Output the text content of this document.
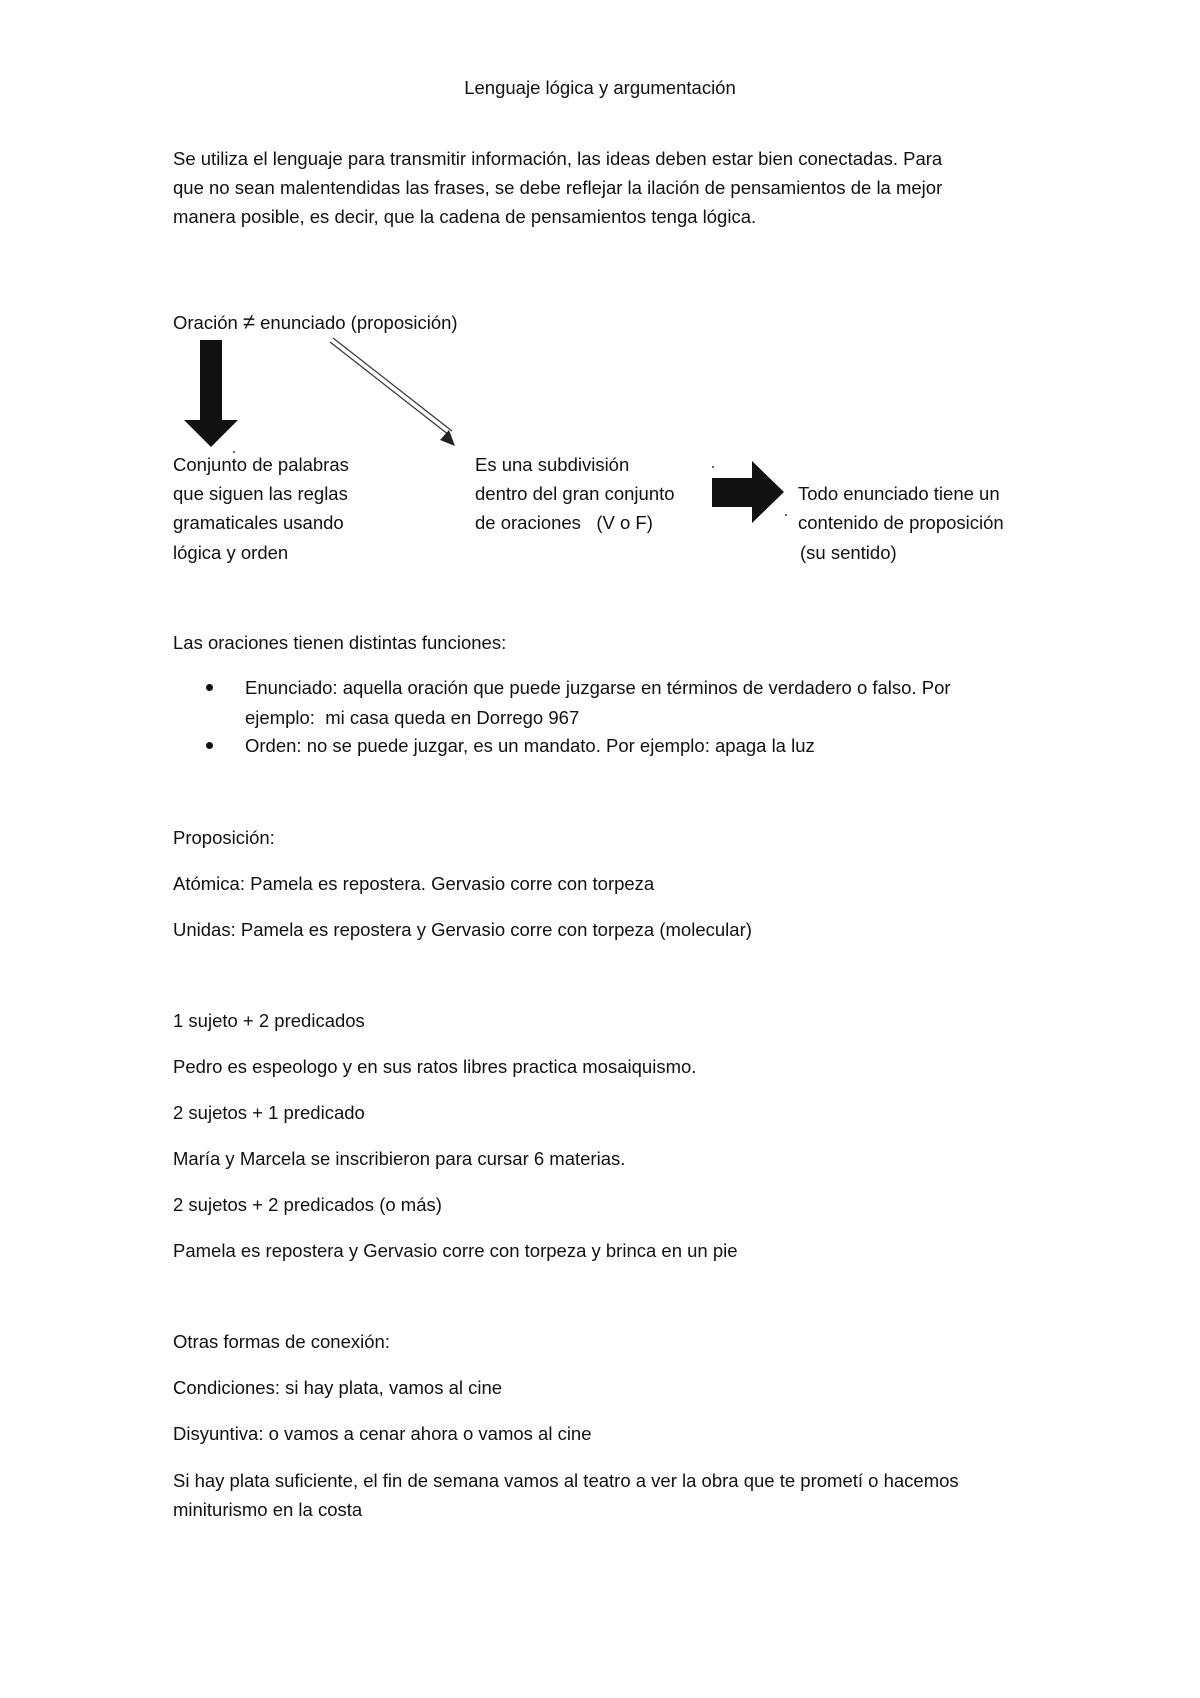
Lenguaje lógica y argumentación
Se utiliza el lenguaje para transmitir información, las ideas deben estar bien conectadas. Para
que no sean malentendidas las frases, se debe reflejar la ilación de pensamientos de la mejor
manera posible, es decir, que la cadena de pensamientos tenga lógica.
Oración ≠ enunciado (proposición)
Conjunto de palabras
que siguen las reglas
gramaticales usando
lógica y orden
Es una subdivisión
dentro del gran conjunto
de oraciones   (V o F)
Todo enunciado tiene un
contenido de proposición
(su sentido)
Las oraciones tienen distintas funciones:
Enunciado: aquella oración que puede juzgarse en términos de verdadero o falso. Por
ejemplo:  mi casa queda en Dorrego 967
Orden: no se puede juzgar, es un mandato. Por ejemplo: apaga la luz
Proposición:
Atómica: Pamela es repostera. Gervasio corre con torpeza
Unidas: Pamela es repostera y Gervasio corre con torpeza (molecular)
1 sujeto + 2 predicados
Pedro es espeologo y en sus ratos libres practica mosaiquismo.
2 sujetos + 1 predicado
María y Marcela se inscribieron para cursar 6 materias.
2 sujetos + 2 predicados (o más)
Pamela es repostera y Gervasio corre con torpeza y brinca en un pie
Otras formas de conexión:
Condiciones: si hay plata, vamos al cine
Disyuntiva: o vamos a cenar ahora o vamos al cine
Si hay plata suficiente, el fin de semana vamos al teatro a ver la obra que te prometí o hacemos
miniturismo en la costa
